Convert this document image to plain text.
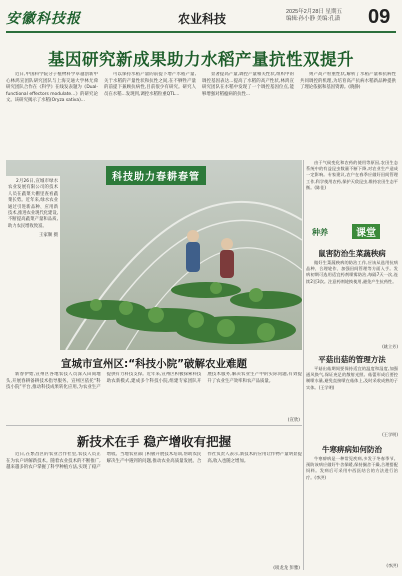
安徽科技报	农业科技	2025年2月28日 星期五
编辑:孙小静 美编:孔潇 09
基因研究新成果助力水稻产量抗性双提升

近日,中国科学院分子植物科学卓越创新中心林鸿宣团队研究团队与上海交通大学林尤舜研究团队合作在《科学》在线发表题为《Dual-functional effectors modulate...》的研究论文。该研究揭示了水稻(Oryza sativa)...

可以保持水稻产量的前提下增产水稻产量,关于水稻的产量性状和抗性之间,在不牺牲产量的前提下兼顾抗病性,目前很少有研究。研究人员在水稻...发现到,调控水稻粒重QTL...

显著提高产量,调控产量相关性状,组织中的调控基因表达...提高了水稻的高产性状,林鸿宣研究团队在水稻中发现了一个调控基因位点,能够增强对稻瘟病的抗性...

则产高产粒重性状,解析了水稻产量和抗病性共同调控的机理,为培育高产抗病水稻新品种提供了理论依据和基因资源。(晓静)

科技助力春耕春管

2月26日,宣城市绿水农业发展有限公司的技术人员在蔬菜大棚里查看蔬菜长势。近年来,绿水农业通过引进新品种、应用新技术,推进农业现代化建设,不断提高蔬菜产量和品质,助力农民增收致富。

王家顺 摄
宣城市宣州区:“科技小院”破解农业难题

新春伊始,宣州区各地农技人员深入田间地头,开展春耕备耕技术指导服务。宣州区依托“科技小院”平台,推动科技成果转化应用,为农业生产提供有力科技支撑。近年来,宣州区积极探索科技助农新模式,建成多个科技小院,组建专家团队开展技术服务,解决农业生产中的实际问题,有效提升了农业生产效率和农产品质量。

(宣欣)
新技术在手 稳产增收有把握

近日,在繁昌区的农业合作社里,农技人员正在为农户讲解新技术。随着农业技术的不断推广,越来越多的农户掌握了科学种植方法,实现了稳产增收。当地农业部门积极开展技术培训,帮助农民解决生产中遇到的问题,推动农业高质量发展。合作社负责人表示,新技术的应用让作物产量明显提高,收入也随之增加。

(项龙龙 彭雅)

由于气候变化和农药的使用等原因,农田生态系统中的有益昆虫数量不断下降,对农业生产造成一定影响。专家建议,农户在春季应做好田间管理工作,科学使用农药,保护天敌昆虫,维持农田生态平衡。(陈佳)

种养	课堂
鼠害防治生菜蔬秧病

做好生菜蔬秧病的防治工作,应该从选用抗病品种、合理轮作、加强田间管理等方面入手。发病初期可选用适宜药剂喷雾防治,每隔7天一次,连续2至3次。注意药剂轮换使用,避免产生抗药性。

(姚立芳)
平菇出菇的管理方法

平菇出菇期间要保持适宜的温度和湿度,加强通风换气,保证充足的散射光照。菇蕾形成后要控制喷水量,避免直接喷在菇体上,及时采收成熟的子实体。(王学明)

(王学明)
牛寒痹病如何防治

牛寒痹病是一种常见疾病,多发于冬春季节。预防该病应做好牛舍保暖,保持圈舍干燥,合理搭配饲料。发病后可采用中西医结合的方法进行治疗。(李洪)

(李洪)
